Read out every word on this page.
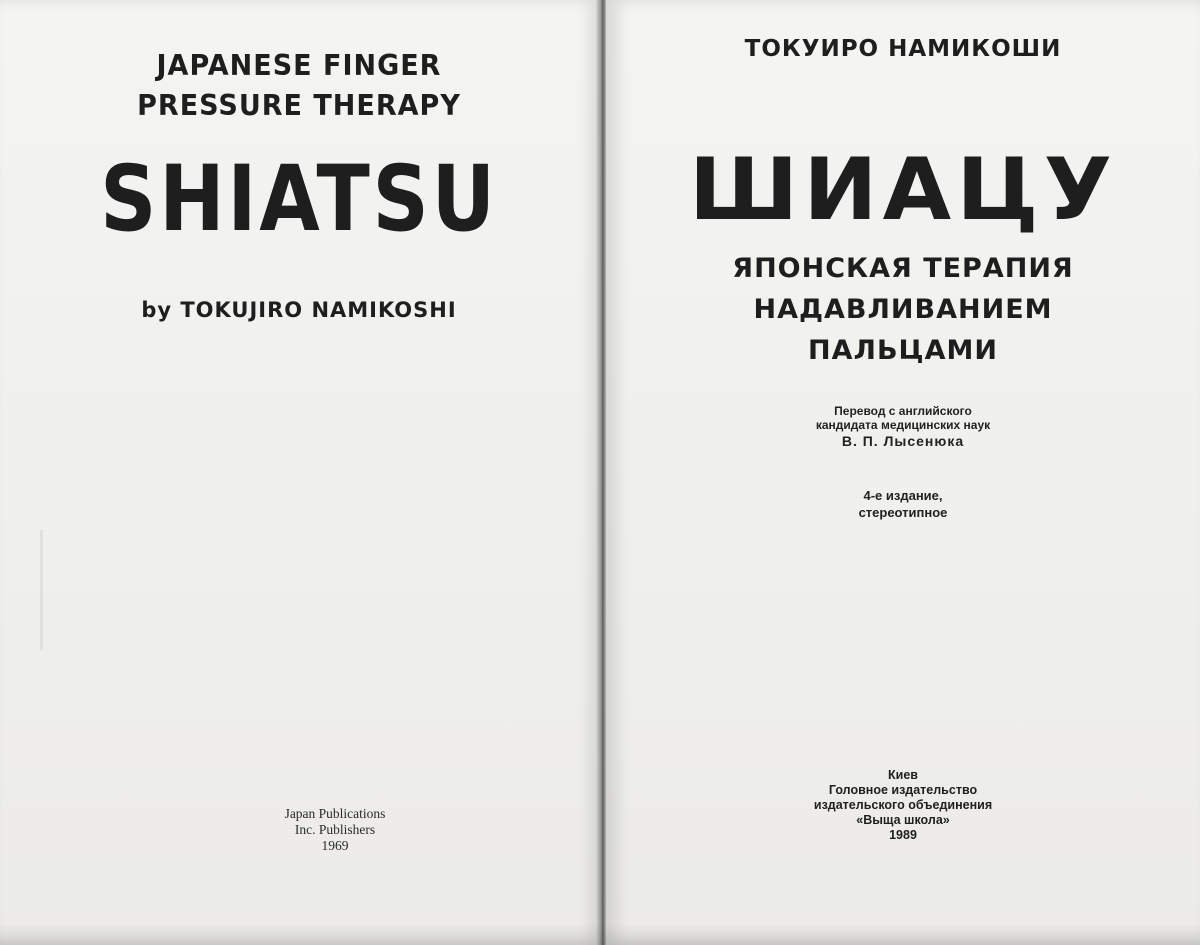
JAPANESE FINGER
PRESSURE THERAPY
SHIATSU
by TOKUJIRO NAMIKOSHI
Japan Publications
Inc. Publishers
1969
ТОКУИРО НАМИКОШИ
ШИАЦУ
ЯПОНСКАЯ ТЕРАПИЯ
НАДАВЛИВАНИЕМ
ПАЛЬЦАМИ
Перевод с английского
кандидата медицинских наук
В. П. Лысенюка
4-е издание,
стереотипное
Киев
Головное издательство
издательского объединения
«Выща школа»
1989
